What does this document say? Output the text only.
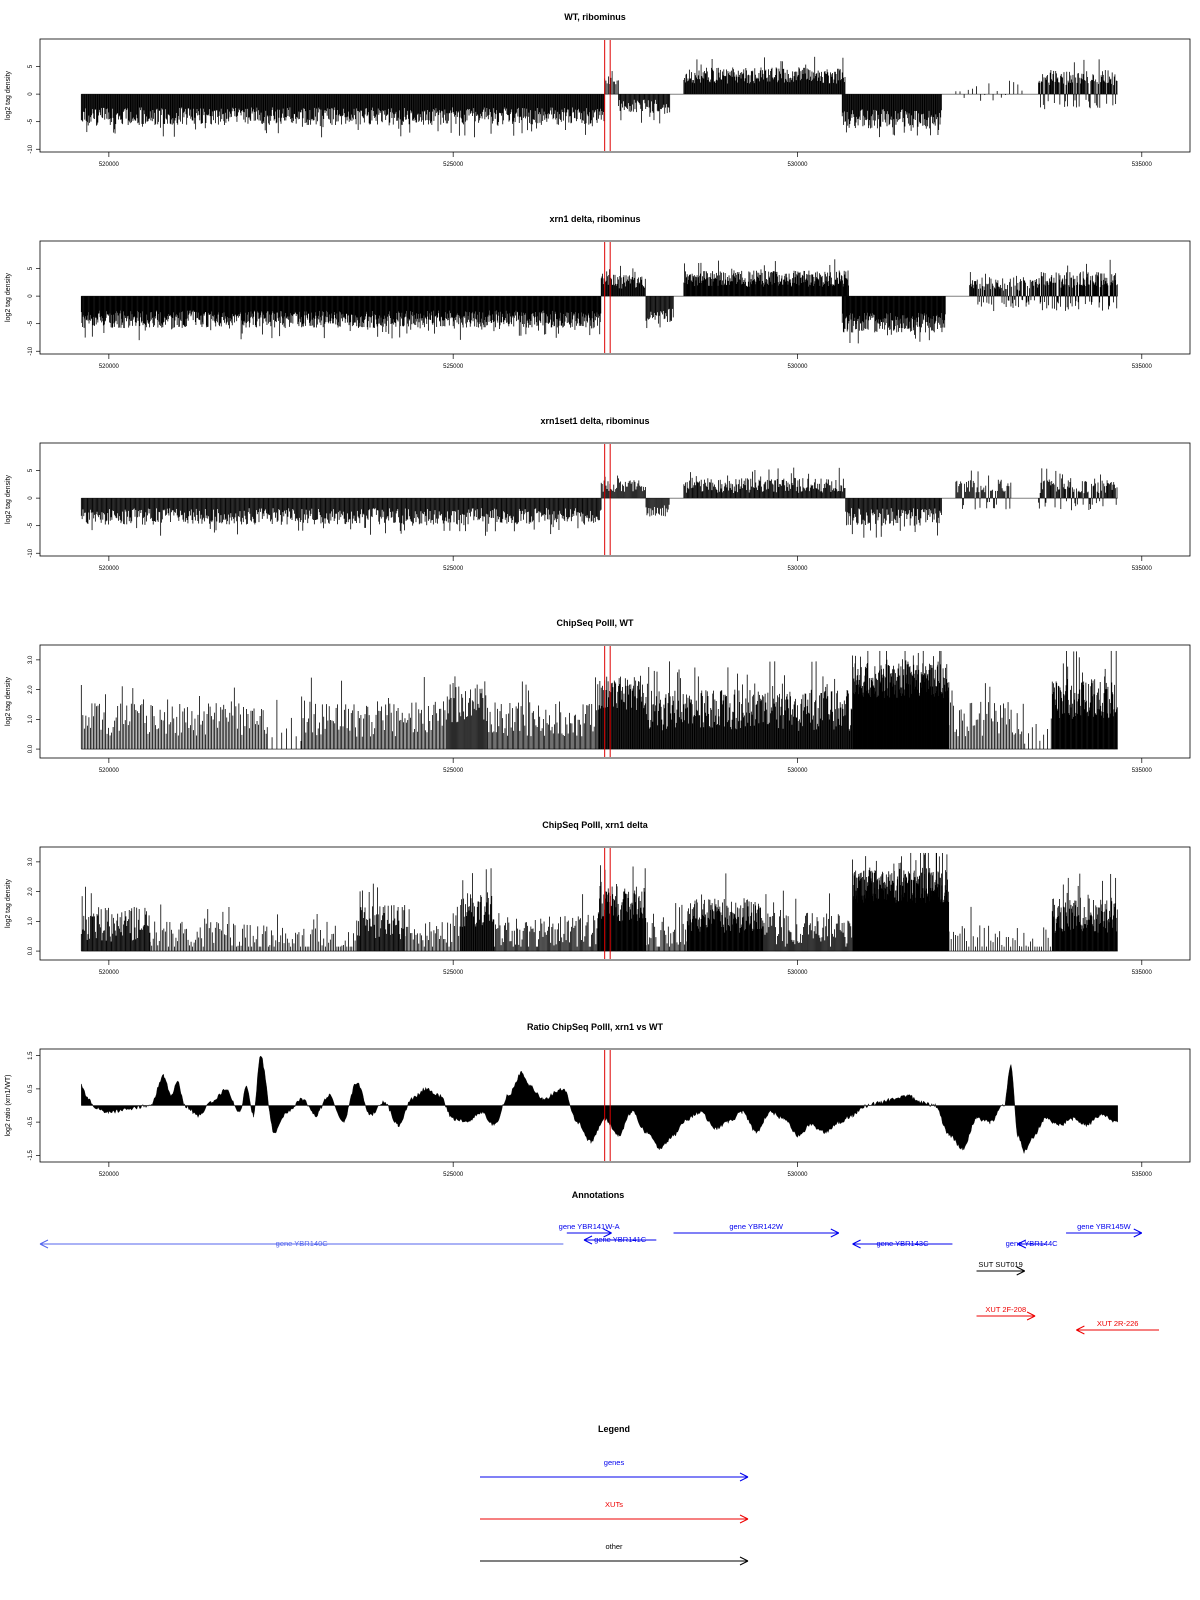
WT, ribominus
520000	525000	530000	535000
-10
-5
0
5
log2 tag density
xrn1 delta, ribominus
520000	525000	530000	535000
-10
-5
0
5
log2 tag density
xrn1set1 delta, ribominus
520000	525000	530000	535000
-10
-5
0
5
log2 tag density
ChipSeq PolII, WT
520000	525000	530000	535000
0.0
1.0
2.0
3.0
log2 tag density
ChipSeq PolII, xrn1 delta
520000	525000	530000	535000
0.0
1.0
2.0
3.0
log2 tag density
Ratio ChipSeq PolII, xrn1 vs WT
520000	525000	530000	535000
-1.5
-0.5
0.5
1.5
log2 ratio (xrn1/WT)
Annotations
gene YBR140C
gene YBR141W-A
gene YBR141C
gene YBR142W
gene YBR143C	gene YBR144C
gene YBR145W
SUT SUT019
XUT 2F-208
XUT 2R-226
Legend
genes
XUTs
other
